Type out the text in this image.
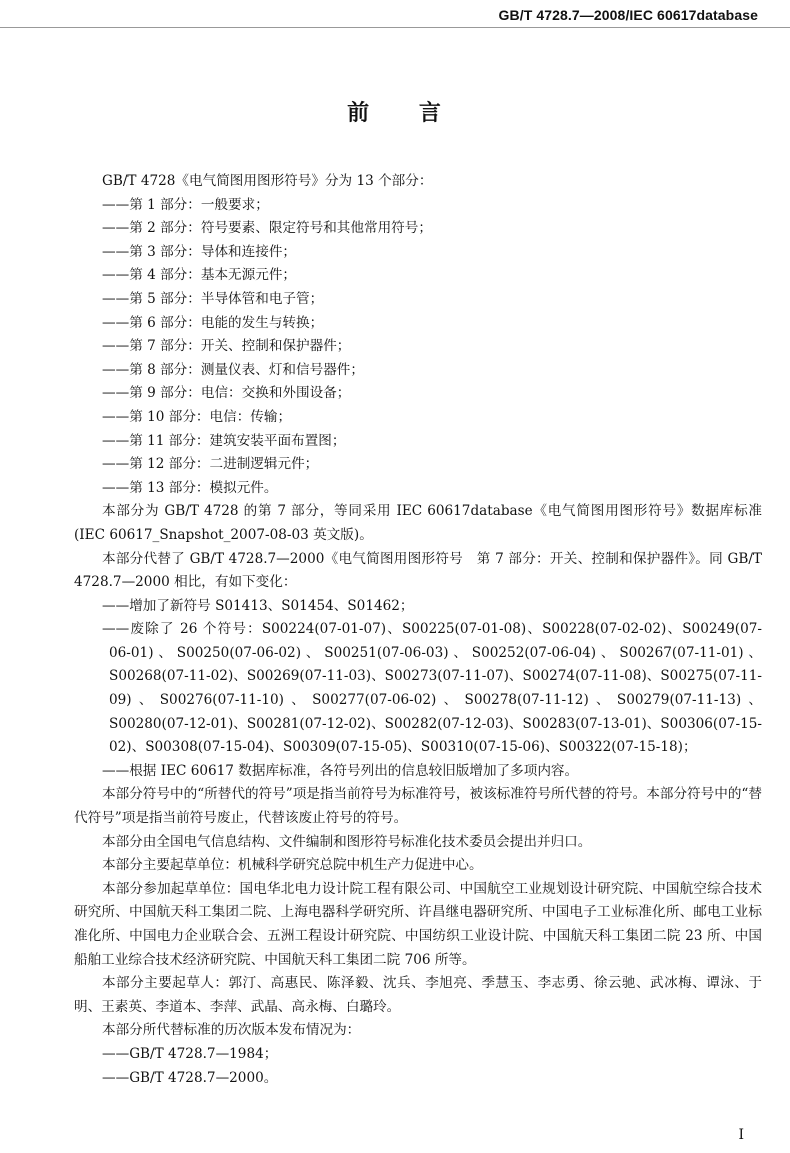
GB/T 4728.7—2008/IEC 60617database
前 言

GB/T 4728《电气简图用图形符号》分为 13 个部分：

——第 1 部分：一般要求；

——第 2 部分：符号要素、限定符号和其他常用符号；

——第 3 部分：导体和连接件；

——第 4 部分：基本无源元件；

——第 5 部分：半导体管和电子管；

——第 6 部分：电能的发生与转换；

——第 7 部分：开关、控制和保护器件；

——第 8 部分：测量仪表、灯和信号器件；

——第 9 部分：电信：交换和外围设备；

——第 10 部分：电信：传输；

——第 11 部分：建筑安装平面布置图；

——第 12 部分：二进制逻辑元件；

——第 13 部分：模拟元件。

本部分为 GB/T 4728 的第 7 部分，等同采用 IEC 60617database《电气简图用图形符号》数据库标准(IEC 60617_Snapshot_2007-08-03 英文版)。

本部分代替了 GB/T 4728.7—2000《电气简图用图形符号　第 7 部分：开关、控制和保护器件》。同 GB/T 4728.7—2000 相比，有如下变化：

——增加了新符号 S01413、S01454、S01462；

——废除了 26 个符号：S00224(07-01-07)、S00225(07-01-08)、S00228(07-02-02)、S00249(07-06-01)、S00250(07-06-02)、S00251(07-06-03)、S00252(07-06-04)、S00267(07-11-01)、S00268(07-11-02)、S00269(07-11-03)、S00273(07-11-07)、S00274(07-11-08)、S00275(07-11-09)、S00276(07-11-10)、S00277(07-06-02)、S00278(07-11-12)、S00279(07-11-13)、S00280(07-12-01)、S00281(07-12-02)、S00282(07-12-03)、S00283(07-13-01)、S00306(07-15-02)、S00308(07-15-04)、S00309(07-15-05)、S00310(07-15-06)、S00322(07-15-18)；

——根据 IEC 60617 数据库标准，各符号列出的信息较旧版增加了多项内容。

本部分符号中的“所替代的符号”项是指当前符号为标准符号，被该标准符号所代替的符号。本部分符号中的“替代符号”项是指当前符号废止，代替该废止符号的符号。

本部分由全国电气信息结构、文件编制和图形符号标准化技术委员会提出并归口。

本部分主要起草单位：机械科学研究总院中机生产力促进中心。

本部分参加起草单位：国电华北电力设计院工程有限公司、中国航空工业规划设计研究院、中国航空综合技术研究所、中国航天科工集团二院、上海电器科学研究所、许昌继电器研究所、中国电子工业标准化所、邮电工业标准化所、中国电力企业联合会、五洲工程设计研究院、中国纺织工业设计院、中国航天科工集团二院 23 所、中国船舶工业综合技术经济研究院、中国航天科工集团二院 706 所等。

本部分主要起草人：郭汀、高惠民、陈泽毅、沈兵、李旭亮、季慧玉、李志勇、徐云驰、武冰梅、谭泳、于明、王素英、李道本、李萍、武晶、高永梅、白璐玲。

本部分所代替标准的历次版本发布情况为：

——GB/T 4728.7—1984；

——GB/T 4728.7—2000。

I
